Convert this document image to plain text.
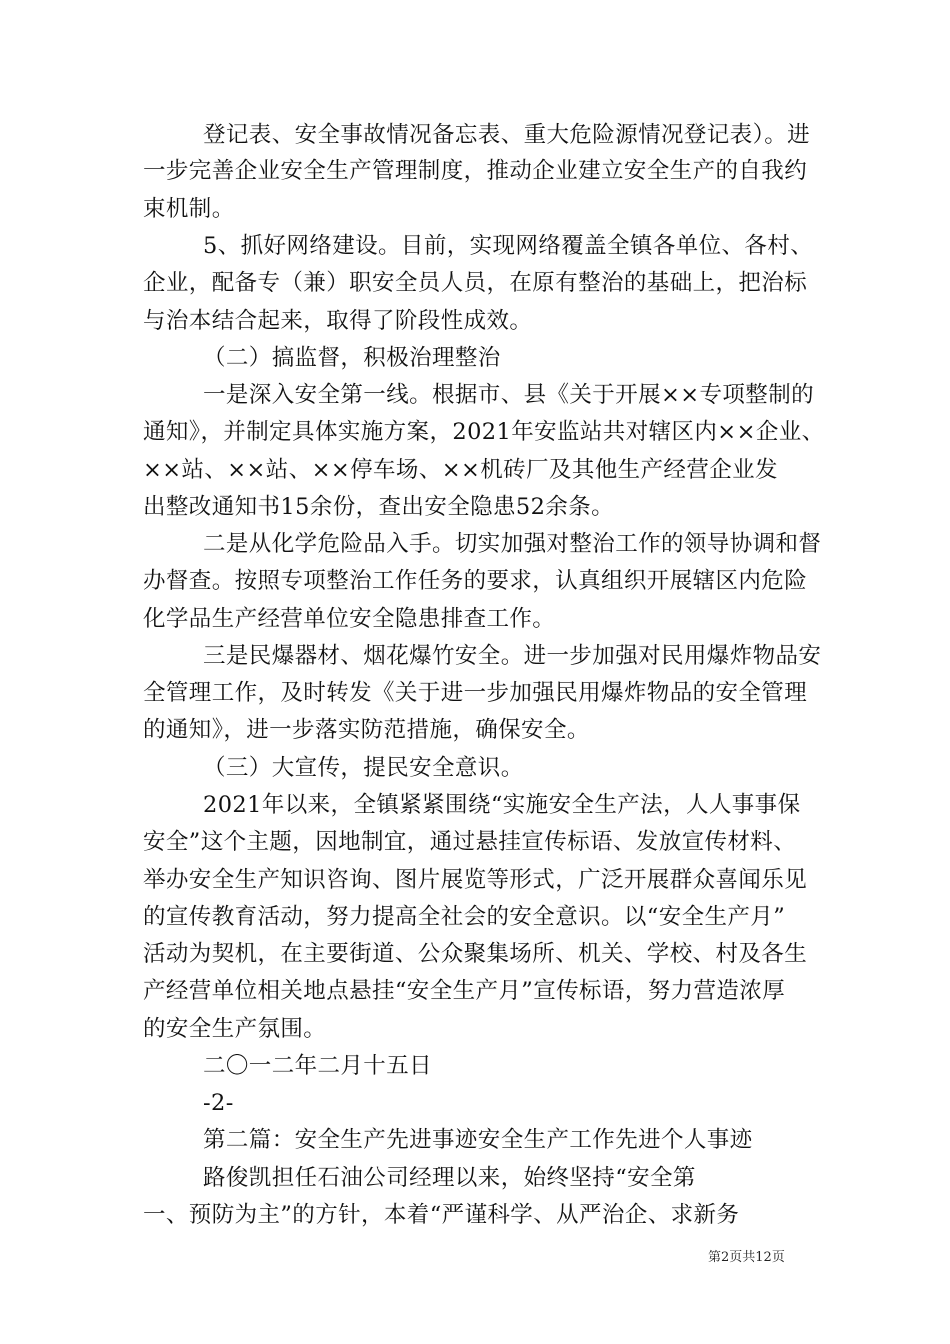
登记表、安全事故情况备忘表、重大危险源情况登记表）。进
一步完善企业安全生产管理制度，推动企业建立安全生产的自我约
束机制。
5、抓好网络建设。目前，实现网络覆盖全镇各单位、各村、
企业，配备专（兼）职安全员人员，在原有整治的基础上，把治标
与治本结合起来，取得了阶段性成效。
（二）搞监督，积极治理整治
一是深入安全第一线。根据市、县《关于开展××专项整制的
通知》，并制定具体实施方案，2021年安监站共对辖区内××企业、
××站、××站、××停车场、××机砖厂及其他生产经营企业发
出整改通知书15余份，查出安全隐患52余条。
二是从化学危险品入手。切实加强对整治工作的领导协调和督
办督查。按照专项整治工作任务的要求，认真组织开展辖区内危险
化学品生产经营单位安全隐患排查工作。
三是民爆器材、烟花爆竹安全。进一步加强对民用爆炸物品安
全管理工作，及时转发《关于进一步加强民用爆炸物品的安全管理
的通知》，进一步落实防范措施，确保安全。
（三）大宣传，提民安全意识。
2021年以来，全镇紧紧围绕“实施安全生产法，人人事事保
安全”这个主题，因地制宜，通过悬挂宣传标语、发放宣传材料、
举办安全生产知识咨询、图片展览等形式，广泛开展群众喜闻乐见
的宣传教育活动，努力提高全社会的安全意识。以“安全生产月”
活动为契机，在主要街道、公众聚集场所、机关、学校、村及各生
产经营单位相关地点悬挂“安全生产月”宣传标语，努力营造浓厚
的安全生产氛围。
二〇一二年二月十五日
-2-
第二篇：安全生产先进事迹安全生产工作先进个人事迹
路俊凯担任石油公司经理以来，始终坚持“安全第
一、预防为主”的方针，本着“严谨科学、从严治企、求新务
第2页共12页
